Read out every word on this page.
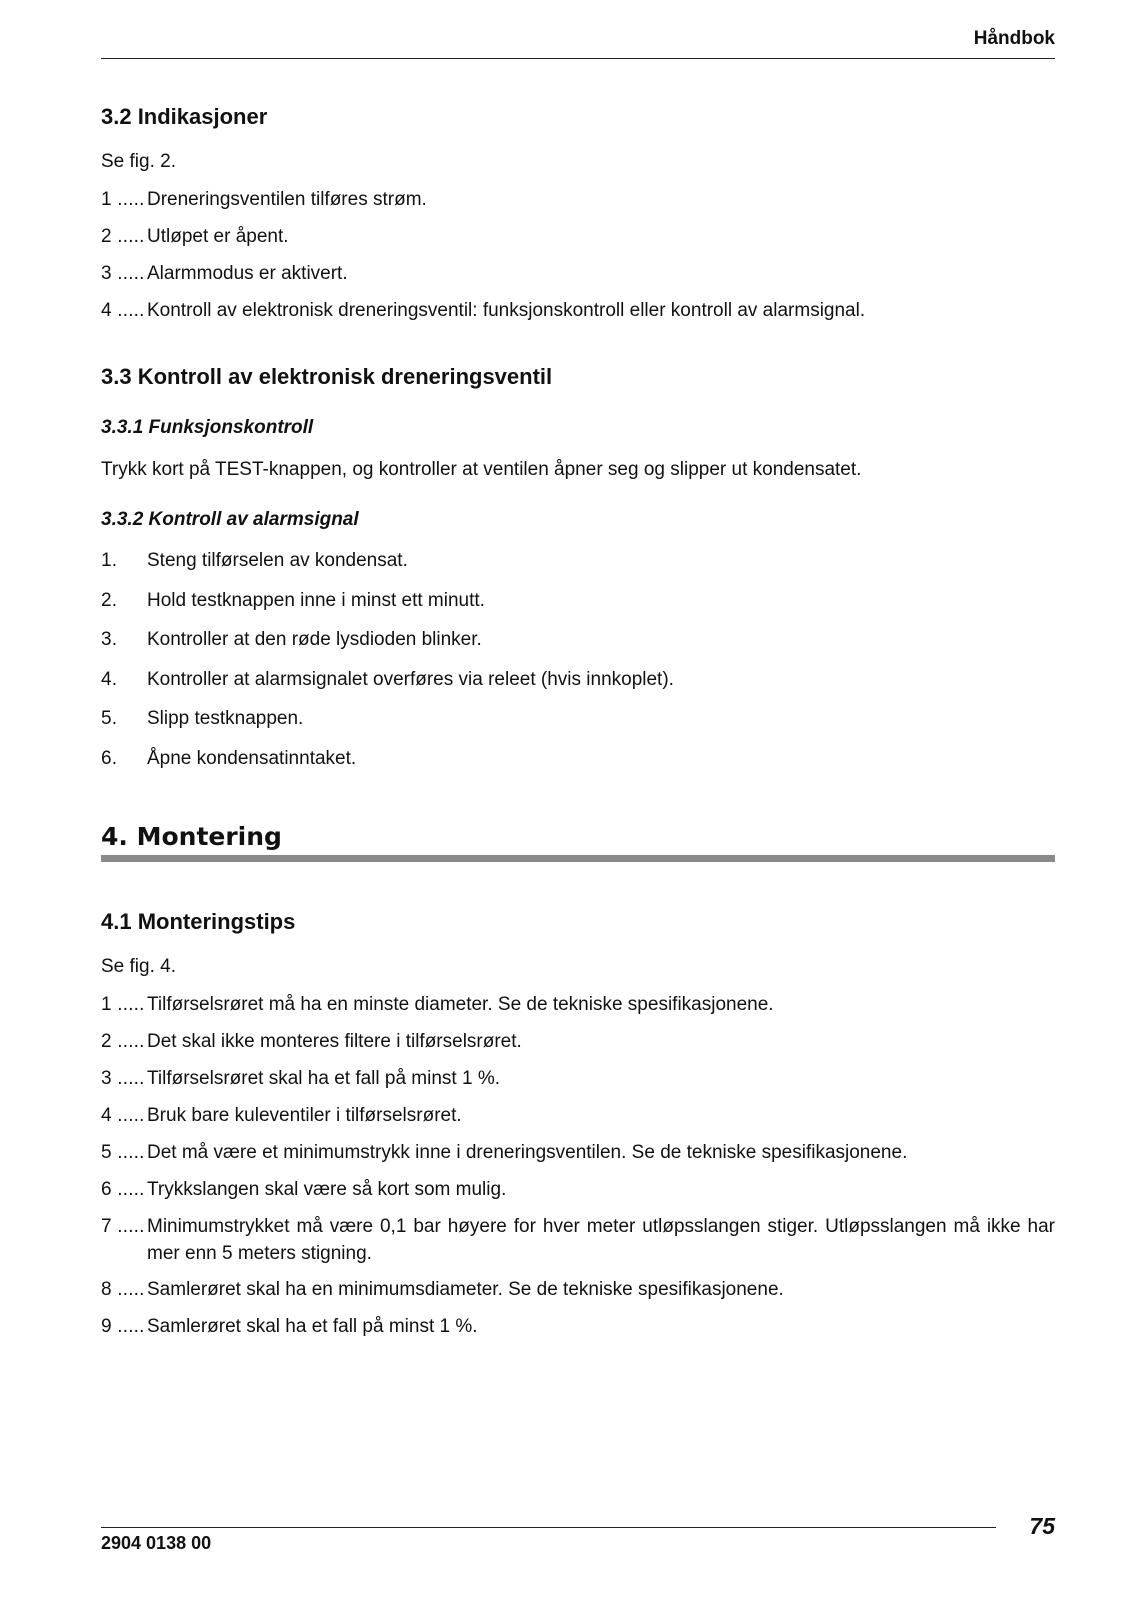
Håndbok
3.2 Indikasjoner

Se fig. 2.

1 ..... Dreneringsventilen tilføres strøm.
2 ..... Utløpet er åpent.
3 ..... Alarmmodus er aktivert.
4 ..... Kontroll av elektronisk dreneringsventil: funksjonskontroll eller kontroll av alarmsignal.
3.3 Kontroll av elektronisk dreneringsventil
3.3.1 Funksjonskontroll

Trykk kort på TEST-knappen, og kontroller at ventilen åpner seg og slipper ut kondensatet.

3.3.2 Kontroll av alarmsignal
1.	Steng tilførselen av kondensat.
2.	Hold testknappen inne i minst ett minutt.
3.	Kontroller at den røde lysdioden blinker.
4.	Kontroller at alarmsignalet overføres via releet (hvis innkoplet).
5.	Slipp testknappen.
6.	Åpne kondensatinntaket.
4. Montering
4.1 Monteringstips

Se fig. 4.

1 ..... Tilførselsrøret må ha en minste diameter. Se de tekniske spesifikasjonene.
2 ..... Det skal ikke monteres filtere i tilførselsrøret.
3 ..... Tilførselsrøret skal ha et fall på minst 1 %.
4 ..... Bruk bare kuleventiler i tilførselsrøret.
5 ..... Det må være et minimumstrykk inne i dreneringsventilen. Se de tekniske spesifikasjonene.
6 ..... Trykkslangen skal være så kort som mulig.
7 ..... Minimumstrykket må være 0,1 bar høyere for hver meter utløpsslangen stiger. Utløpsslangen må ikke har mer enn 5 meters stigning.
8 ..... Samlerøret skal ha en minimumsdiameter. Se de tekniske spesifikasjonene.
9 ..... Samlerøret skal ha et fall på minst 1 %.
2904 0138 00
75
